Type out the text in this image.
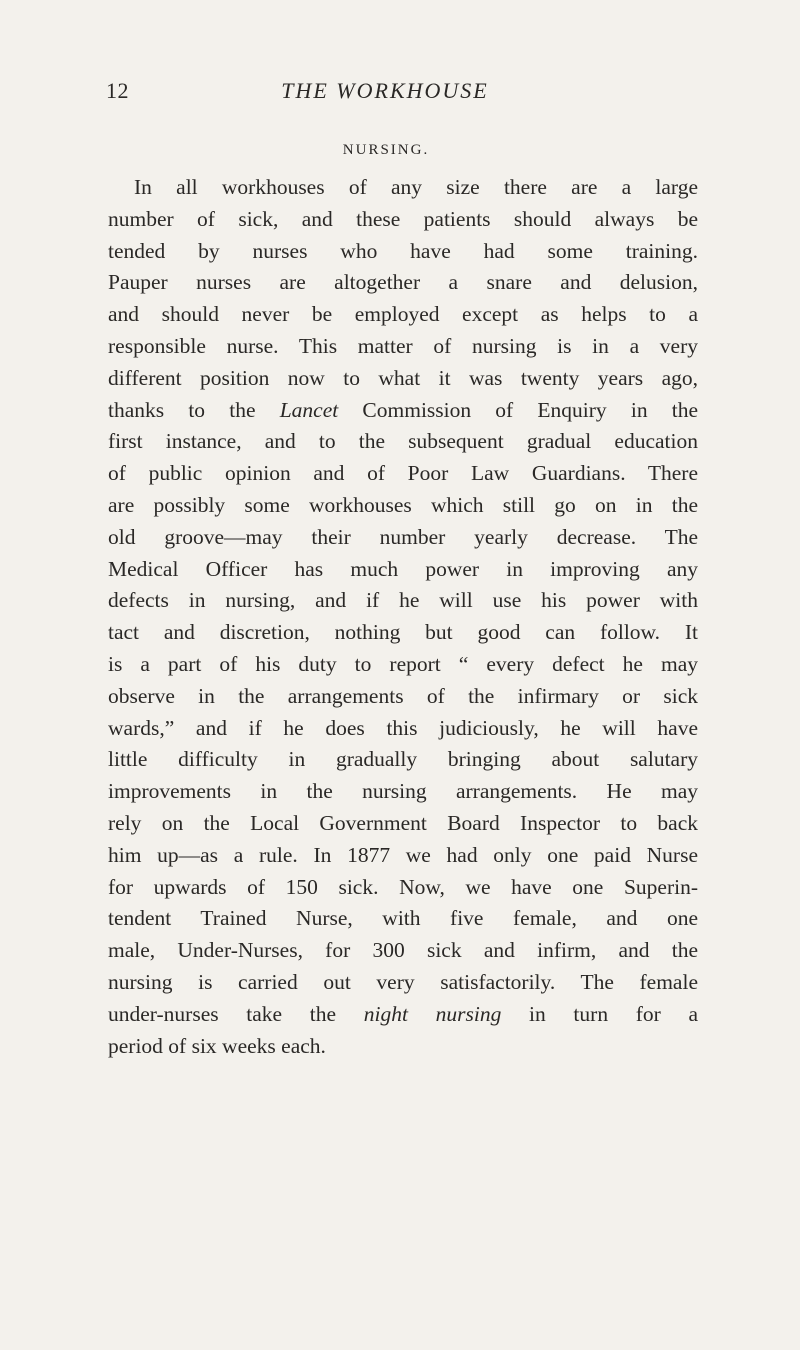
12	THE WORKHOUSE
NURSING.
In all workhouses of any size there are a large
number of sick, and these patients should always be
tended by nurses who have had some training.
Pauper nurses are altogether a snare and delusion,
and should never be employed except as helps to a
responsible nurse. This matter of nursing is in a very
different position now to what it was twenty years ago,
thanks to the Lancet Commission of Enquiry in the
first instance, and to the subsequent gradual education
of public opinion and of Poor Law Guardians. There
are possibly some workhouses which still go on in the
old groove—may their number yearly decrease. The
Medical Officer has much power in improving any
defects in nursing, and if he will use his power with
tact and discretion, nothing but good can follow. It
is a part of his duty to report “ every defect he may
observe in the arrangements of the infirmary or sick
wards,” and if he does this judiciously, he will have
little difficulty in gradually bringing about salutary
improvements in the nursing arrangements. He may
rely on the Local Government Board Inspector to back
him up—as a rule. In 1877 we had only one paid Nurse
for upwards of 150 sick. Now, we have one Superin-
tendent Trained Nurse, with five female, and one
male, Under-Nurses, for 300 sick and infirm, and the
nursing is carried out very satisfactorily. The female
under-nurses take the night nursing in turn for a
period of six weeks each.
